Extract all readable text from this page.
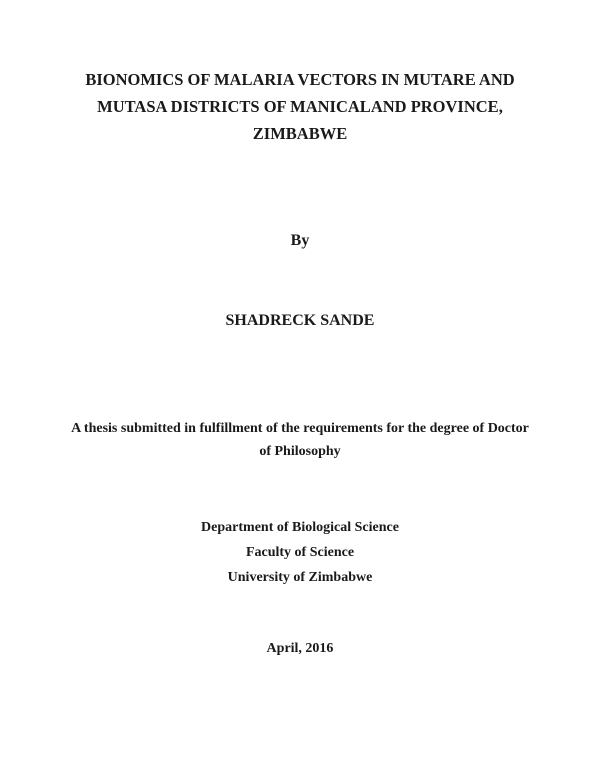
BIONOMICS OF MALARIA VECTORS IN MUTARE AND
MUTASA DISTRICTS OF MANICALAND PROVINCE,
ZIMBABWE
By
SHADRECK SANDE
A thesis submitted in fulfillment of the requirements for the degree of Doctor
of Philosophy
Department of Biological Science
Faculty of Science
University of Zimbabwe
April, 2016
